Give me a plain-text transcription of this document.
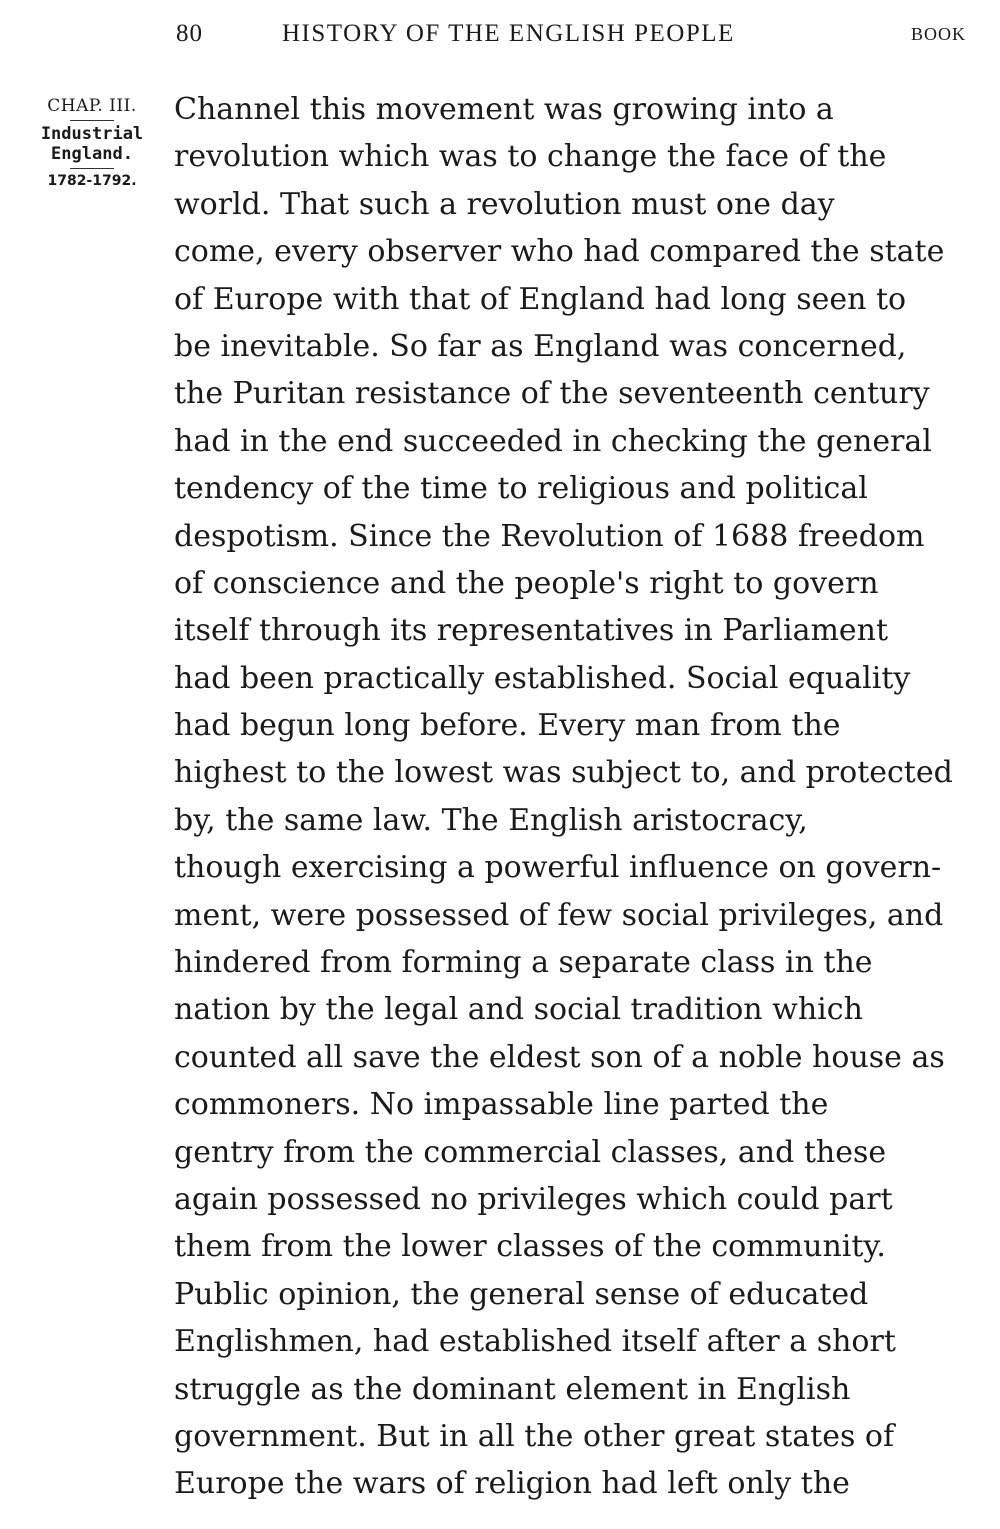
80	HISTORY OF THE ENGLISH PEOPLE	BOOK
CHAP. III.
Industrial
England.
1782-1792.
Channel this movement was growing into a
revolution which was to change the face of the
world. That such a revolution must one day
come, every observer who had compared the state
of Europe with that of England had long seen to
be inevitable. So far as England was concerned,
the Puritan resistance of the seventeenth century
had in the end succeeded in checking the general
tendency of the time to religious and political
despotism. Since the Revolution of 1688 freedom
of conscience and the people's right to govern
itself through its representatives in Parliament
had been practically established. Social equality
had begun long before. Every man from the
highest to the lowest was subject to, and protected
by, the same law. The English aristocracy,
though exercising a powerful influence on govern-
ment, were possessed of few social privileges, and
hindered from forming a separate class in the
nation by the legal and social tradition which
counted all save the eldest son of a noble house as
commoners. No impassable line parted the
gentry from the commercial classes, and these
again possessed no privileges which could part
them from the lower classes of the community.
Public opinion, the general sense of educated
Englishmen, had established itself after a short
struggle as the dominant element in English
government. But in all the other great states of
Europe the wars of religion had left only the
